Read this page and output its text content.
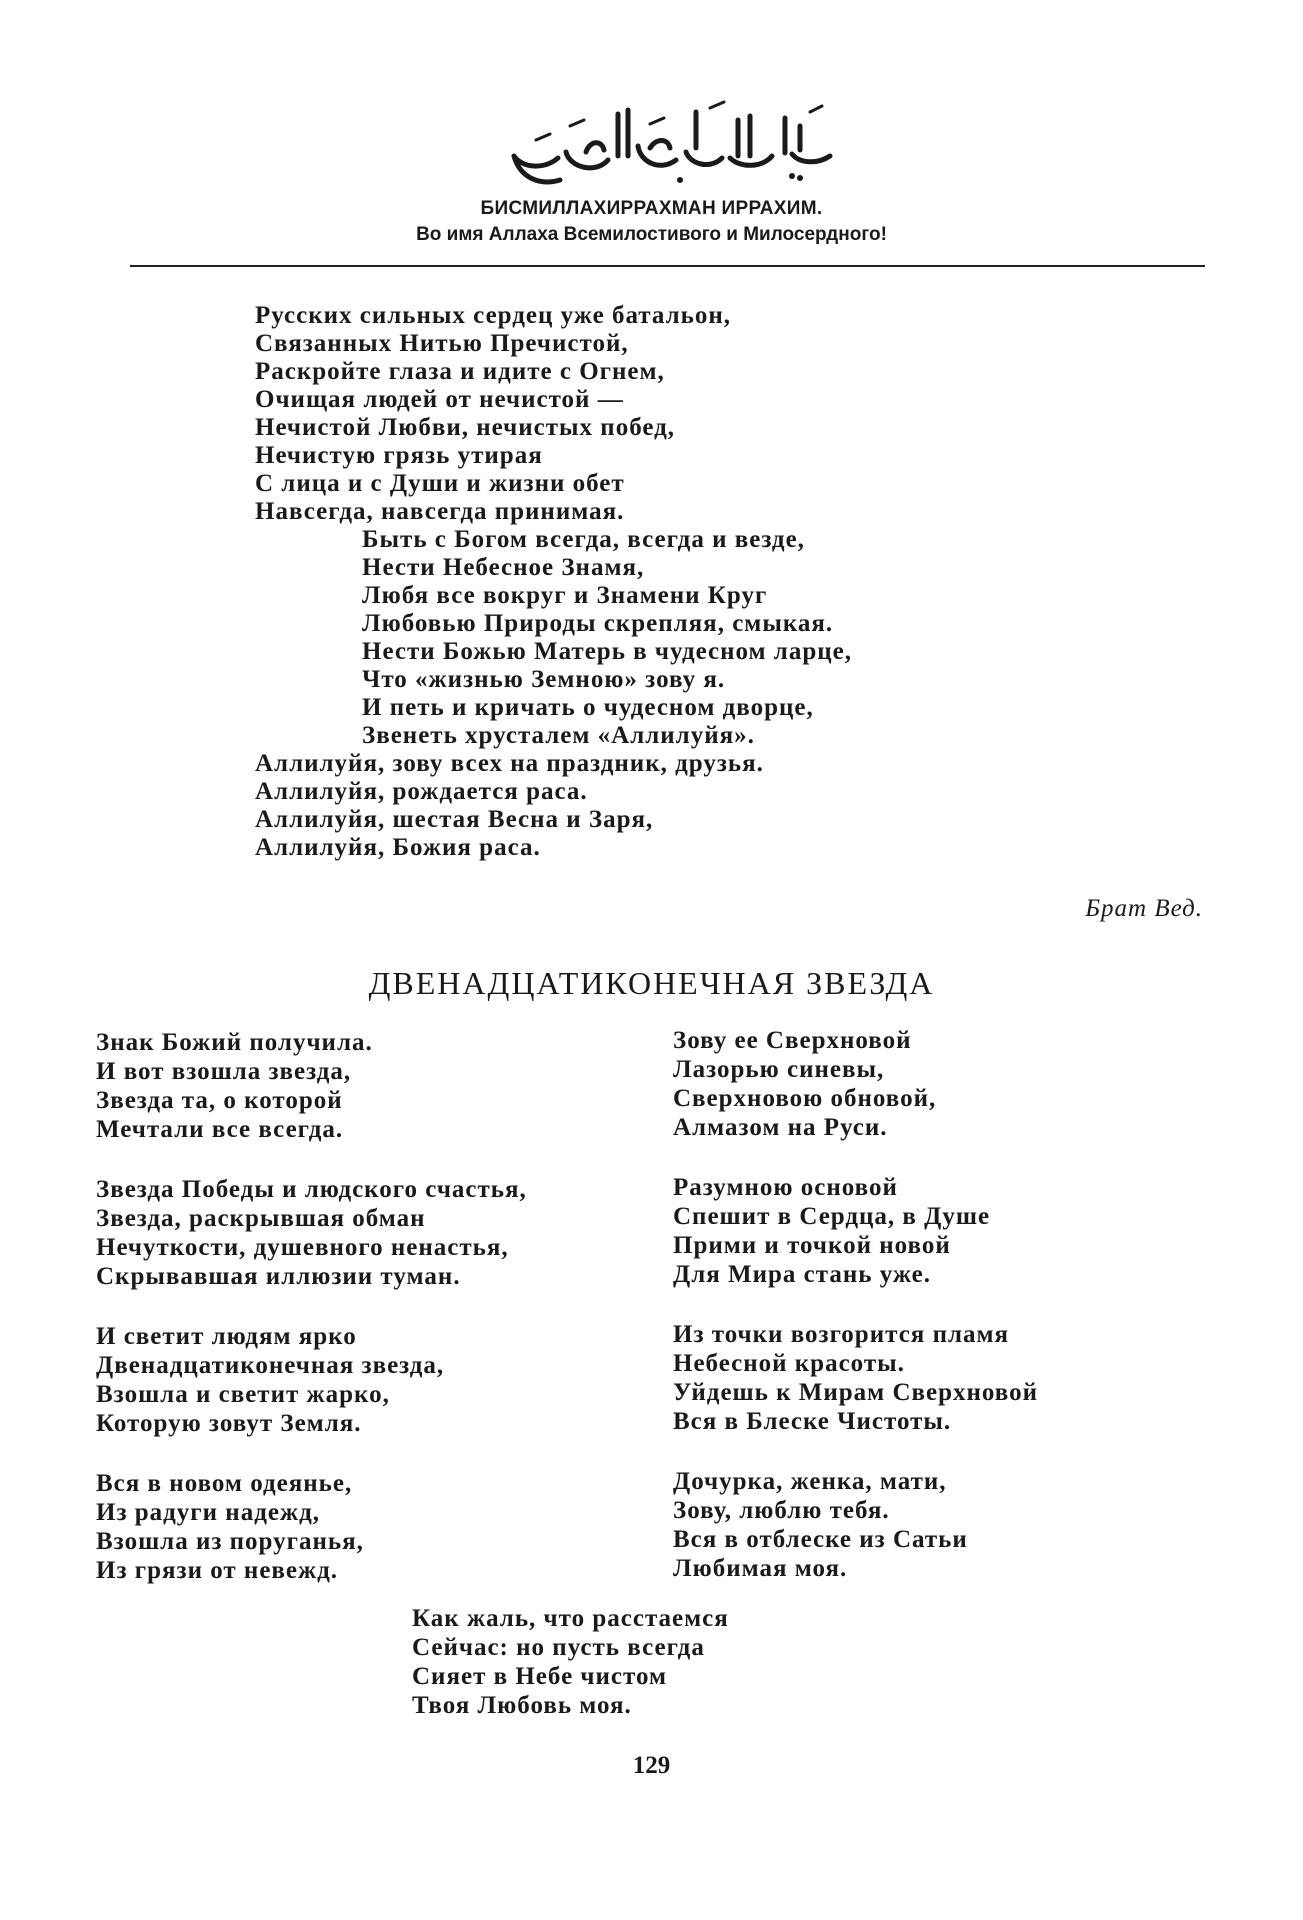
БИСМИЛЛАХИРРАХМАН ИРРАХИМ.
Во имя Аллаха Всемилостивого и Милосердного!
Русских сильных сердец уже батальон,
Связанных Нитью Пречистой,
Раскройте глаза и идите с Огнем,
Очищая людей от нечистой —
Нечистой Любви, нечистых побед,
Нечистую грязь утирая
С лица и с Души и жизни обет
Навсегда, навсегда принимая.
Быть с Богом всегда, всегда и везде,
Нести Небесное Знамя,
Любя все вокруг и Знамени Круг
Любовью Природы скрепляя, смыкая.
Нести Божью Матерь в чудесном ларце,
Что «жизнью Земною» зову я.
И петь и кричать о чудесном дворце,
Звенеть хрусталем «Аллилуйя».
Аллилуйя, зову всех на праздник, друзья.
Аллилуйя, рождается раса.
Аллилуйя, шестая Весна и Заря,
Аллилуйя, Божия раса.
Брат Вед.
ДВЕНАДЦАТИКОНЕЧНАЯ ЗВЕЗДА
Знак Божий получила.
И вот взошла звезда,
Звезда та, о которой
Мечтали все всегда.
Звезда Победы и людского счастья,
Звезда, раскрывшая обман
Нечуткости, душевного ненастья,
Скрывавшая иллюзии туман.
И светит людям ярко
Двенадцатиконечная звезда,
Взошла и светит жарко,
Которую зовут Земля.
Вся в новом одеянье,
Из радуги надежд,
Взошла из поруганья,
Из грязи от невежд.
Зову ее Сверхновой
Лазорью синевы,
Сверхновою обновой,
Алмазом на Руси.
Разумною основой
Спешит в Сердца, в Душе
Прими и точкой новой
Для Мира стань уже.
Из точки возгорится пламя
Небесной красоты.
Уйдешь к Мирам Сверхновой
Вся в Блеске Чистоты.
Дочурка, женка, мати,
Зову, люблю тебя.
Вся в отблеске из Сатьи
Любимая моя.
Как жаль, что расстаемся
Сейчас: но пусть всегда
Сияет в Небе чистом
Твоя Любовь моя.
129
